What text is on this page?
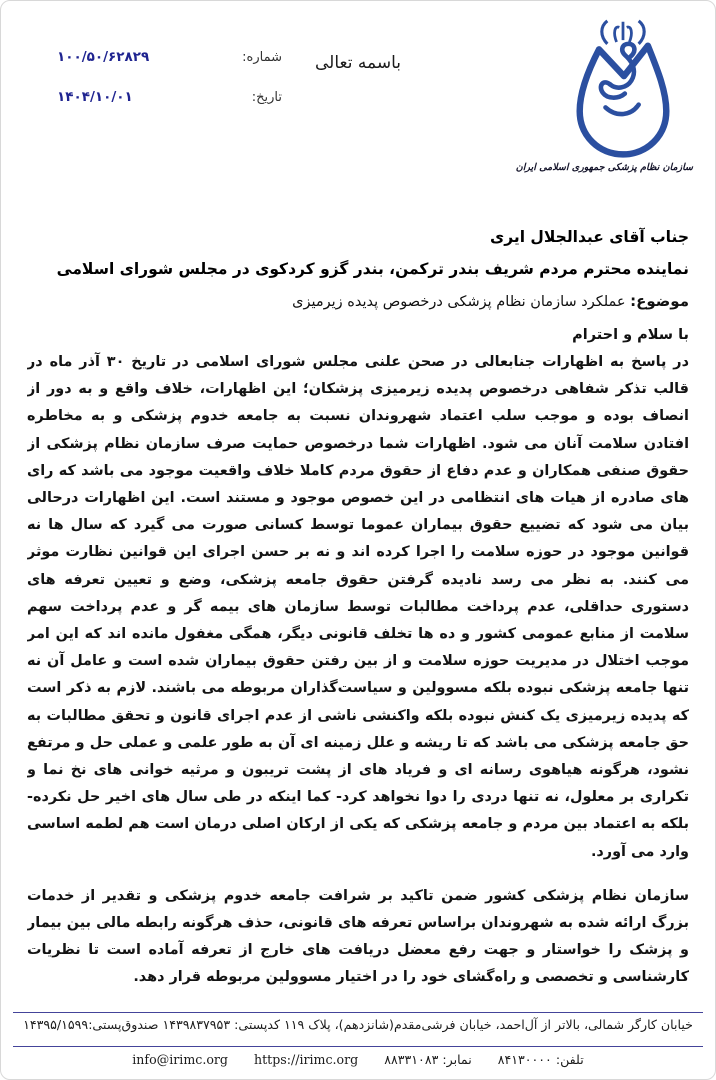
باسمه تعالی
شماره:
۱۰۰/۵۰/۶۲۸۲۹
تاریخ:
۱۴۰۴/۱۰/۰۱
سازمان نظام پزشکی جمهوری اسلامی ایران
جناب آقای عبدالجلال ایری
نماینده محترم مردم شریف بندر ترکمن، بندر گزو کردکوی در مجلس شورای اسلامی
موضوع: عملکرد سازمان نظام پزشکی درخصوص پدیده زیرمیزی
با سلام و احترام

در پاسخ به اظهارات جنابعالی در صحن علنی مجلس شورای اسلامی در تاریخ ۳۰ آذر ماه در قالب تذکر شفاهی درخصوص پدیده زیرمیزی پزشکان؛ این اظهارات، خلاف واقع و به دور از انصاف بوده و موجب سلب اعتماد شهروندان نسبت به جامعه خدوم پزشکی و به مخاطره افتادن سلامت آنان می شود. اظهارات شما درخصوص حمایت صرف سازمان نظام پزشکی از حقوق صنفی همکاران و عدم دفاع از حقوق مردم کاملا خلاف واقعیت موجود می باشد که رای های صادره از هیات های انتظامی در این خصوص موجود و مستند است. این اظهارات درحالی بیان می شود که تضییع حقوق بیماران عموما توسط کسانی صورت می گیرد که سال ها نه قوانین موجود در حوزه سلامت را اجرا کرده اند و نه بر حسن اجرای این قوانین نظارت موثر می کنند. به نظر می رسد نادیده گرفتن حقوق جامعه پزشکی، وضع و تعیین تعرفه های دستوری حداقلی، عدم پرداخت مطالبات توسط سازمان های بیمه گر و عدم پرداخت سهم سلامت از منابع عمومی کشور و ده ها تخلف قانونی دیگر، همگی مغفول مانده اند که این امر موجب اختلال در مدیریت حوزه سلامت و از بین رفتن حقوق بیماران شده است و عامل آن نه تنها جامعه پزشکی نبوده بلکه مسوولین و سیاست‌گذاران مربوطه می باشند. لازم به ذکر است که پدیده زیرمیزی یک کنش نبوده بلکه واکنشی ناشی از عدم اجرای قانون و تحقق مطالبات به حق جامعه پزشکی می باشد که تا ریشه و علل زمینه ای آن به طور علمی و عملی حل و مرتفع نشود، هرگونه هیاهوی رسانه ای و فریاد های از پشت تریبون و مرثیه خوانی های نخ نما و تکراری بر معلول، نه تنها دردی را دوا نخواهد کرد- کما اینکه در طی سال های اخیر حل نکرده- بلکه به اعتماد بین مردم و جامعه پزشکی که یکی از ارکان اصلی درمان است هم لطمه اساسی وارد می آورد.

سازمان نظام پزشکی کشور ضمن تاکید بر شرافت جامعه خدوم پزشکی و تقدیر از خدمات بزرگ ارائه شده به شهروندان براساس تعرفه های قانونی، حذف هرگونه رابطه مالی بین بیمار و پزشک را خواستار و جهت رفع معضل دریافت های خارج از تعرفه آماده است تا نظریات کارشناسی و تخصصی و راه‌گشای خود را در اختیار مسوولین مربوطه قرار دهد.

خیابان کارگر شمالی، بالاتر از آل‌احمد، خیابان فرشی‌مقدم(شانزدهم)، پلاک ۱۱۹ کدپستی: ۱۴۳۹۸۳۷۹۵۳ صندوق‌پستی:۱۴۳۹۵/۱۵۹۹
تلفن: ۸۴۱۳۰۰۰۰
نمابر: ۸۸۳۳۱۰۸۳
https://irimc.org
info@irimc.org
